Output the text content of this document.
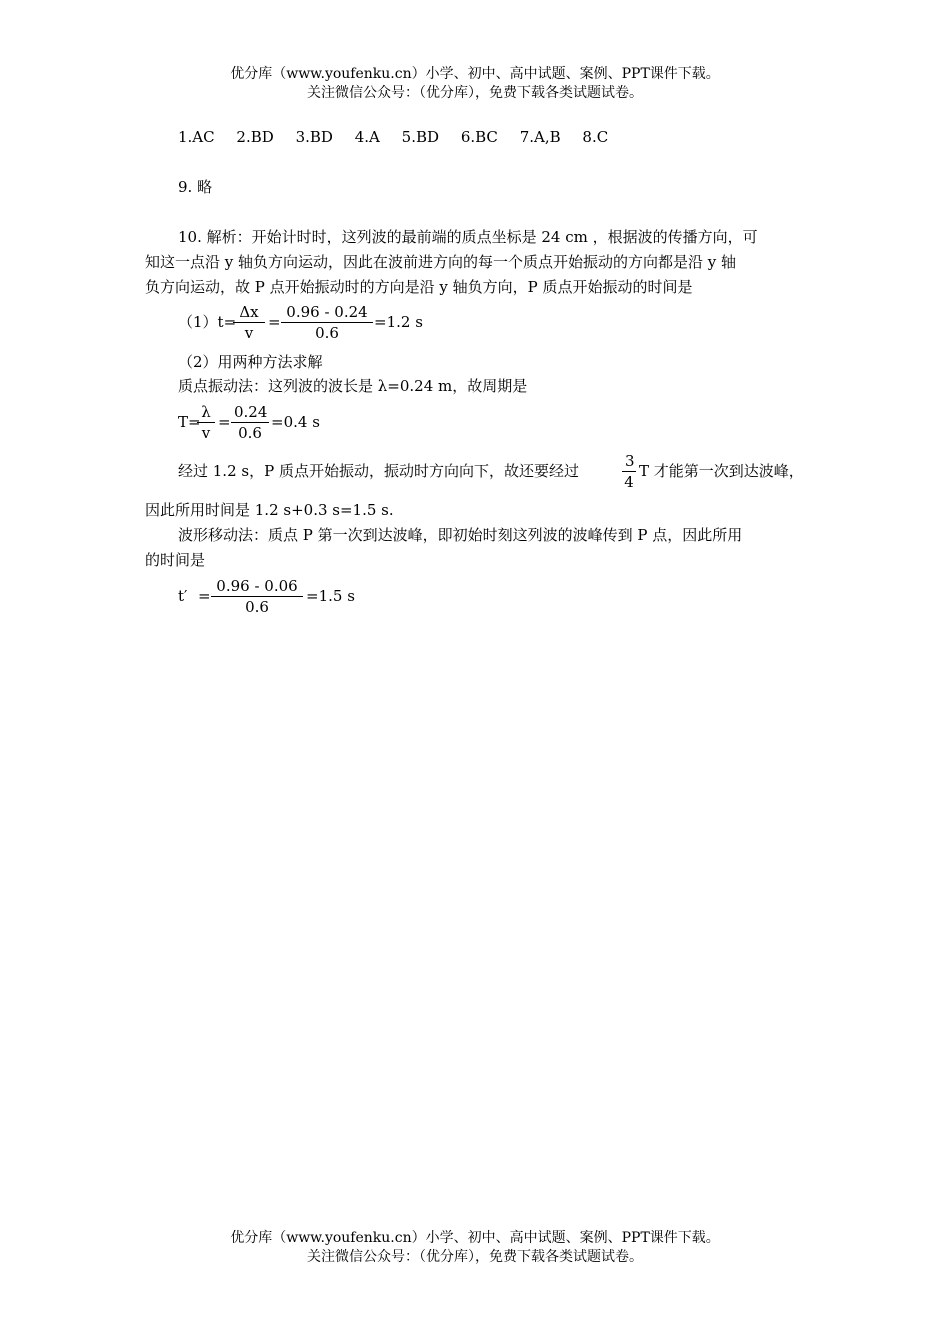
优分库（www.youfenku.cn）小学、初中、高中试题、案例、PPT课件下载。
关注微信公众号：（优分库），免费下载各类试题试卷。
1.AC 2.BD 3.BD 4.A 5.BD 6.BC 7.A,B 8.C
9. 略
10. 解析：开始计时时，这列波的最前端的质点坐标是 24 cm ，根据波的传播方向，可
知这一点沿 y 轴负方向运动，因此在波前进方向的每一个质点开始振动的方向都是沿 y 轴
负方向运动，故 P 点开始振动时的方向是沿 y 轴负方向，P 质点开始振动的时间是
（1）t=
$\frac{\Delta x}{v} = \frac{0.96 - 0.24}{0.6} =1.2$ s
（2）用两种方法求解
质点振动法：这列波的波长是 λ=0.24 m，故周期是
T=
$\frac{\lambda}{v} = \frac{0.24}{0.6} =0.4$ s
经过 1.2 s，P 质点开始振动，振动时方向向下，故还要经过	$\frac{3}{4}$ T 才能第一次到达波峰，
因此所用时间是 1.2 s+0.3 s=1.5 s.
波形移动法：质点 P 第一次到达波峰，即初始时刻这列波的波峰传到 P 点，因此所用
的时间是
$t' = \frac{0.96 - 0.06}{0.6} =1.5$ s
优分库（www.youfenku.cn）小学、初中、高中试题、案例、PPT课件下载。
关注微信公众号：（优分库），免费下载各类试题试卷。
